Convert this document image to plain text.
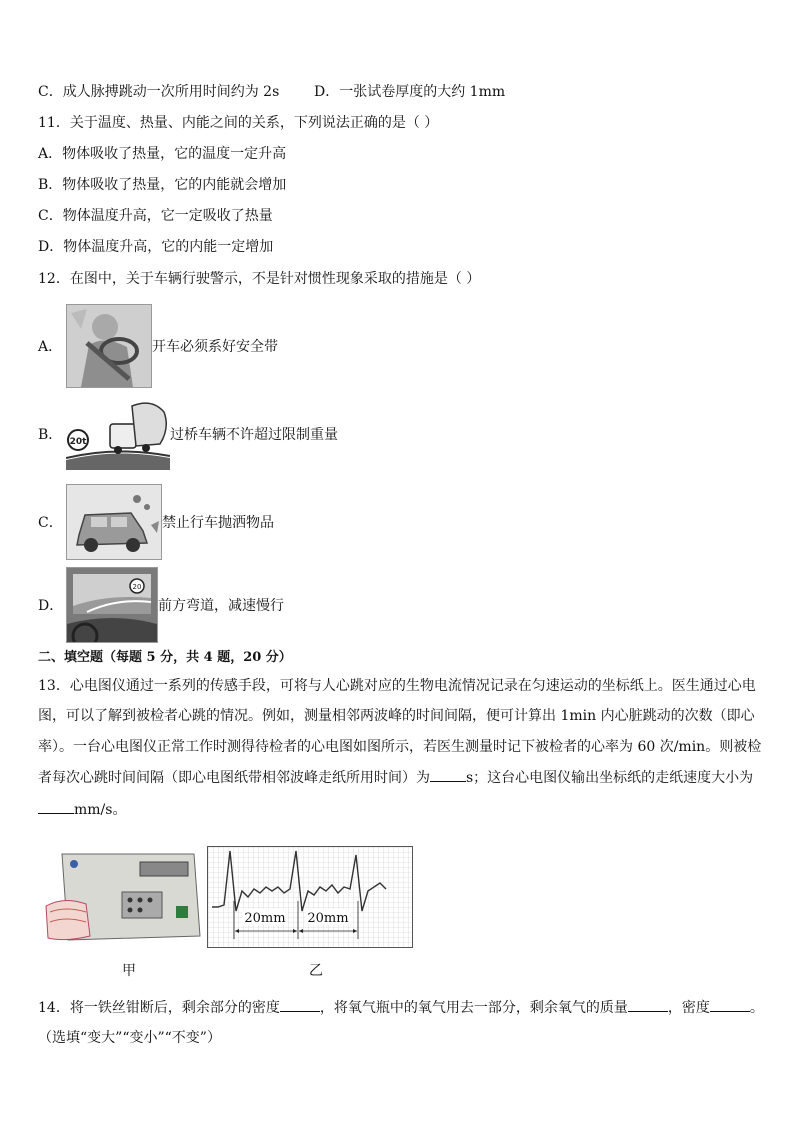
C．成人脉搏跳动一次所用时间约为 2s D．一张试卷厚度的大约 1mm
11．关于温度、热量、内能之间的关系，下列说法正确的是（ ）
A．物体吸收了热量，它的温度一定升高
B．物体吸收了热量，它的内能就会增加
C．物体温度升高，它一定吸收了热量
D．物体温度升高，它的内能一定增加
12．在图中，关于车辆行驶警示，不是针对惯性现象采取的措施是（ ）
A．	开车必须系好安全带
B． 20t	过桥车辆不许超过限制重量
C．	禁止行车抛洒物品
D．
20
前方弯道，减速慢行
二、填空题（每题 5 分，共 4 题，20 分）
13．心电图仪通过一系列的传感手段，可将与人心跳对应的生物电流情况记录在匀速运动的坐标纸上。医生通过心电
图，可以了解到被检者心跳的情况。例如，测量相邻两波峰的时间间隔，便可计算出 1min 内心脏跳动的次数（即心
率）。一台心电图仪正常工作时测得待检者的心电图如图所示，若医生测量时记下被检者的心率为 60 次/min。则被检
者每次心跳时间间隔（即心电图纸带相邻波峰走纸所用时间）为	s；这台心电图仪输出坐标纸的走纸速度大小为
mm/s。
20mm 20mm
甲	乙
14．将一铁丝钳断后，剩余部分的密度	，将氧气瓶中的氧气用去一部分，剩余氧气的质量	，密度	。
（选填“变大”“变小”“不变”）
